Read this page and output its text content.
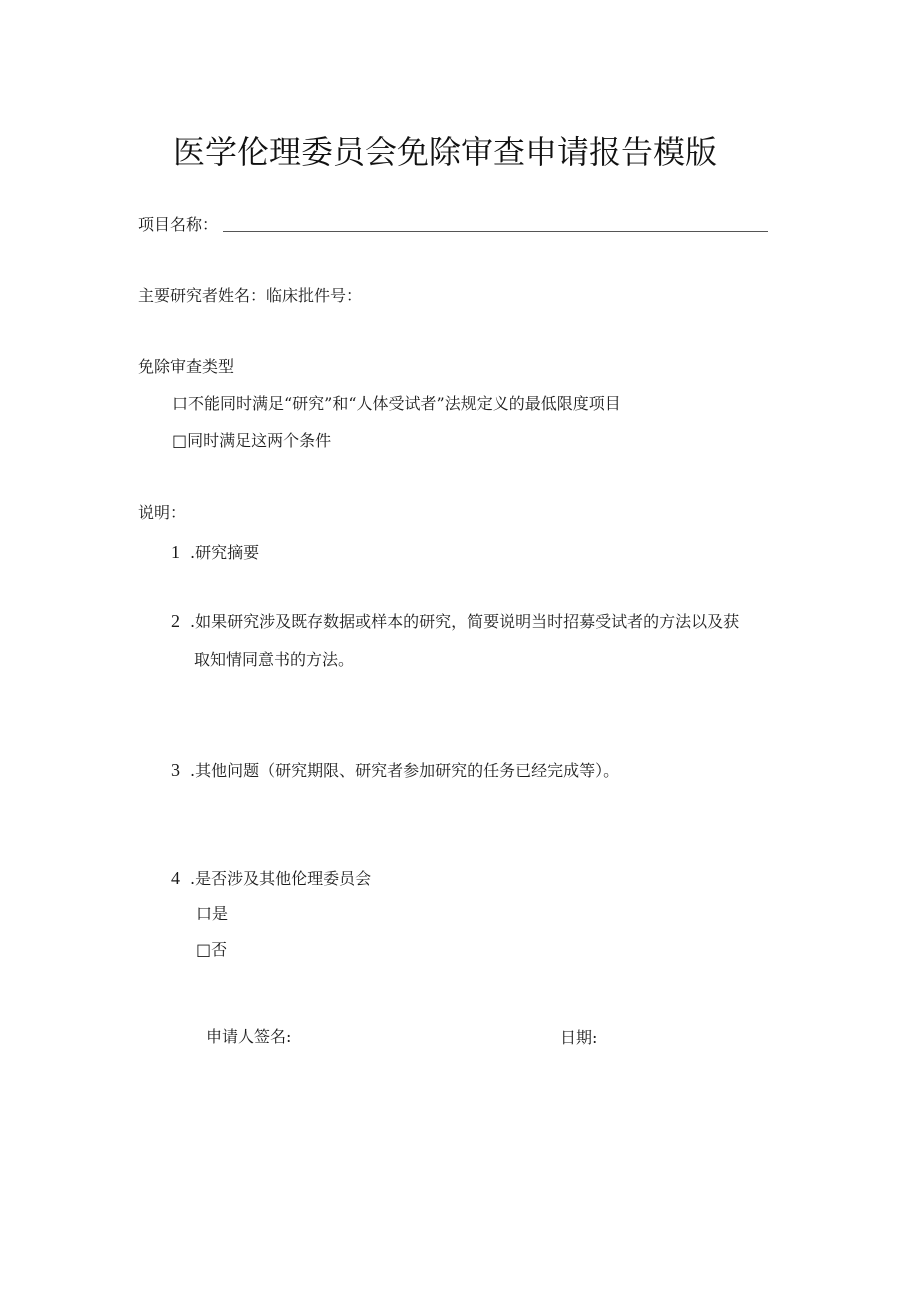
医学伦理委员会免除审查申请报告模版
项目名称：
主要研究者姓名：临床批件号：
免除审查类型
口不能同时满足“研究”和“人体受试者”法规定义的最低限度项目
□同时满足这两个条件
说明：
1 .研究摘要
2 .如果研究涉及既存数据或样本的研究，简要说明当时招募受试者的方法以及获
取知情同意书的方法。
3 .其他问题（研究期限、研究者参加研究的任务已经完成等）。
4 .是否涉及其他伦理委员会
口是
□否
申请人签名:	日期:
